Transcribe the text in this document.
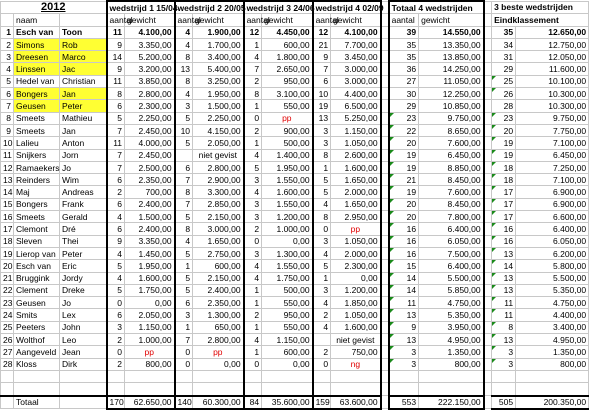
2012			wedstrijd 1 15/04		wedstrijd 2 20/05		wedstrijd 3 24/06		wedstrijd 4 02/09			Totaal 4 wedstrijden			3 beste wedstrijden	
	naam		aantal	gewicht	aantal	gewicht	aantal	gewicht	aantal	gewicht		aantal	gewicht		Eindklassement	
1	Esch van	Toon	11	4.100,00	4	1.900,00	12	4.450,00	12	4.100,00		39	14.550,00		35	12.650,00
2	Simons	Rob	9	3.350,00	4	1.700,00	1	600,00	21	7.700,00		35	13.350,00		34	12.750,00
3	Dreesen	Marco	14	5.200,00	8	3.400,00	4	1.800,00	9	3.450,00		35	13.850,00		31	12.050,00
4	Linssen	Jac	9	3.200,00	13	5.400,00	7	2.650,00	7	3.000,00		36	14.250,00		29	11.600,00
5	Hedel van	Christian	11	3.850,00	8	3.250,00	2	950,00	6	3.000,00		27	11.050,00		25	10.100,00
6	Bongers	Jan	8	2.800,00	4	1.950,00	8	3.100,00	10	4.400,00		30	12.250,00		26	10.300,00
7	Geusen	Peter	6	2.300,00	3	1.500,00	1	550,00	19	6.500,00		29	10.850,00		28	10.300,00
8	Smeets	Mathieu	5	2.250,00	5	2.250,00	0	pp	13	5.250,00		23	9.750,00		23	9.750,00
9	Smeets	Jan	7	2.450,00	10	4.150,00	2	900,00	3	1.150,00		22	8.650,00		20	7.750,00
10	Lalieu	Anton	11	4.000,00	5	2.050,00	1	500,00	3	1.050,00		20	7.600,00		19	7.100,00
11	Snijkers	Jorn	7	2.450,00		niet gevist	4	1.400,00	8	2.600,00		19	6.450,00		19	6.450,00
12	Ramaekers	Jo	7	2.500,00	6	2.800,00	5	1.950,00	1	1.600,00		19	8.850,00		18	7.250,00
13	Reinders	Wim	6	2.350,00	7	2.900,00	3	1.550,00	5	1.650,00		21	8.450,00		18	7.100,00
14	Maj	Andreas	2	700,00	8	3.300,00	4	1.600,00	5	2.000,00		19	7.600,00		17	6.900,00
15	Bongers	Frank	6	2.400,00	7	2.850,00	3	1.550,00	4	1.650,00		20	8.450,00		17	6.900,00
16	Smeets	Gerald	4	1.500,00	5	2.150,00	3	1.200,00	8	2.950,00		20	7.800,00		17	6.600,00
17	Clemont	Dré	6	2.400,00	8	3.000,00	2	1.000,00	0	pp		16	6.400,00		16	6.400,00
18	Sleven	Thei	9	3.350,00	4	1.650,00	0	0,00	3	1.050,00		16	6.050,00		16	6.050,00
19	Lierop van	Peter	4	1.450,00	5	2.750,00	3	1.300,00	4	2.000,00		16	7.500,00		13	6.200,00
20	Esch van	Eric	5	1.950,00	1	600,00	4	1.550,00	5	2.300,00		15	6.400,00		14	5.800,00
21	Bruggink	Jordy	4	1.600,00	5	2.150,00	4	1.750,00	1	0,00		14	5.500,00		13	5.500,00
22	Clement	Dreke	5	1.750,00	5	2.400,00	1	500,00	3	1.200,00		14	5.850,00		13	5.350,00
23	Geusen	Jo	0	0,00	6	2.350,00	1	550,00	4	1.850,00		11	4.750,00		11	4.750,00
24	Smits	Lex	6	2.050,00	3	1.300,00	2	950,00	2	1.050,00		13	5.350,00		11	4.400,00
25	Peeters	John	3	1.150,00	1	650,00	1	550,00	4	1.600,00		9	3.950,00		8	3.400,00
26	Wolthof	Leo	2	1.000,00	7	2.800,00	4	1.150,00		niet gevist		13	4.950,00		13	4.950,00
27	Aangeveld	Jean	0	pp	0	pp	1	600,00	2	750,00		3	1.350,00		3	1.350,00
28	Kloss	Dirk	2	800,00	0	0,00	0	0,00	0	ng		3	800,00		3	800,00

	Totaal		170	62.650,00	140	60.300,00	84	35.600,00	159	63.600,00		553	222.150,00		505	200.350,00
